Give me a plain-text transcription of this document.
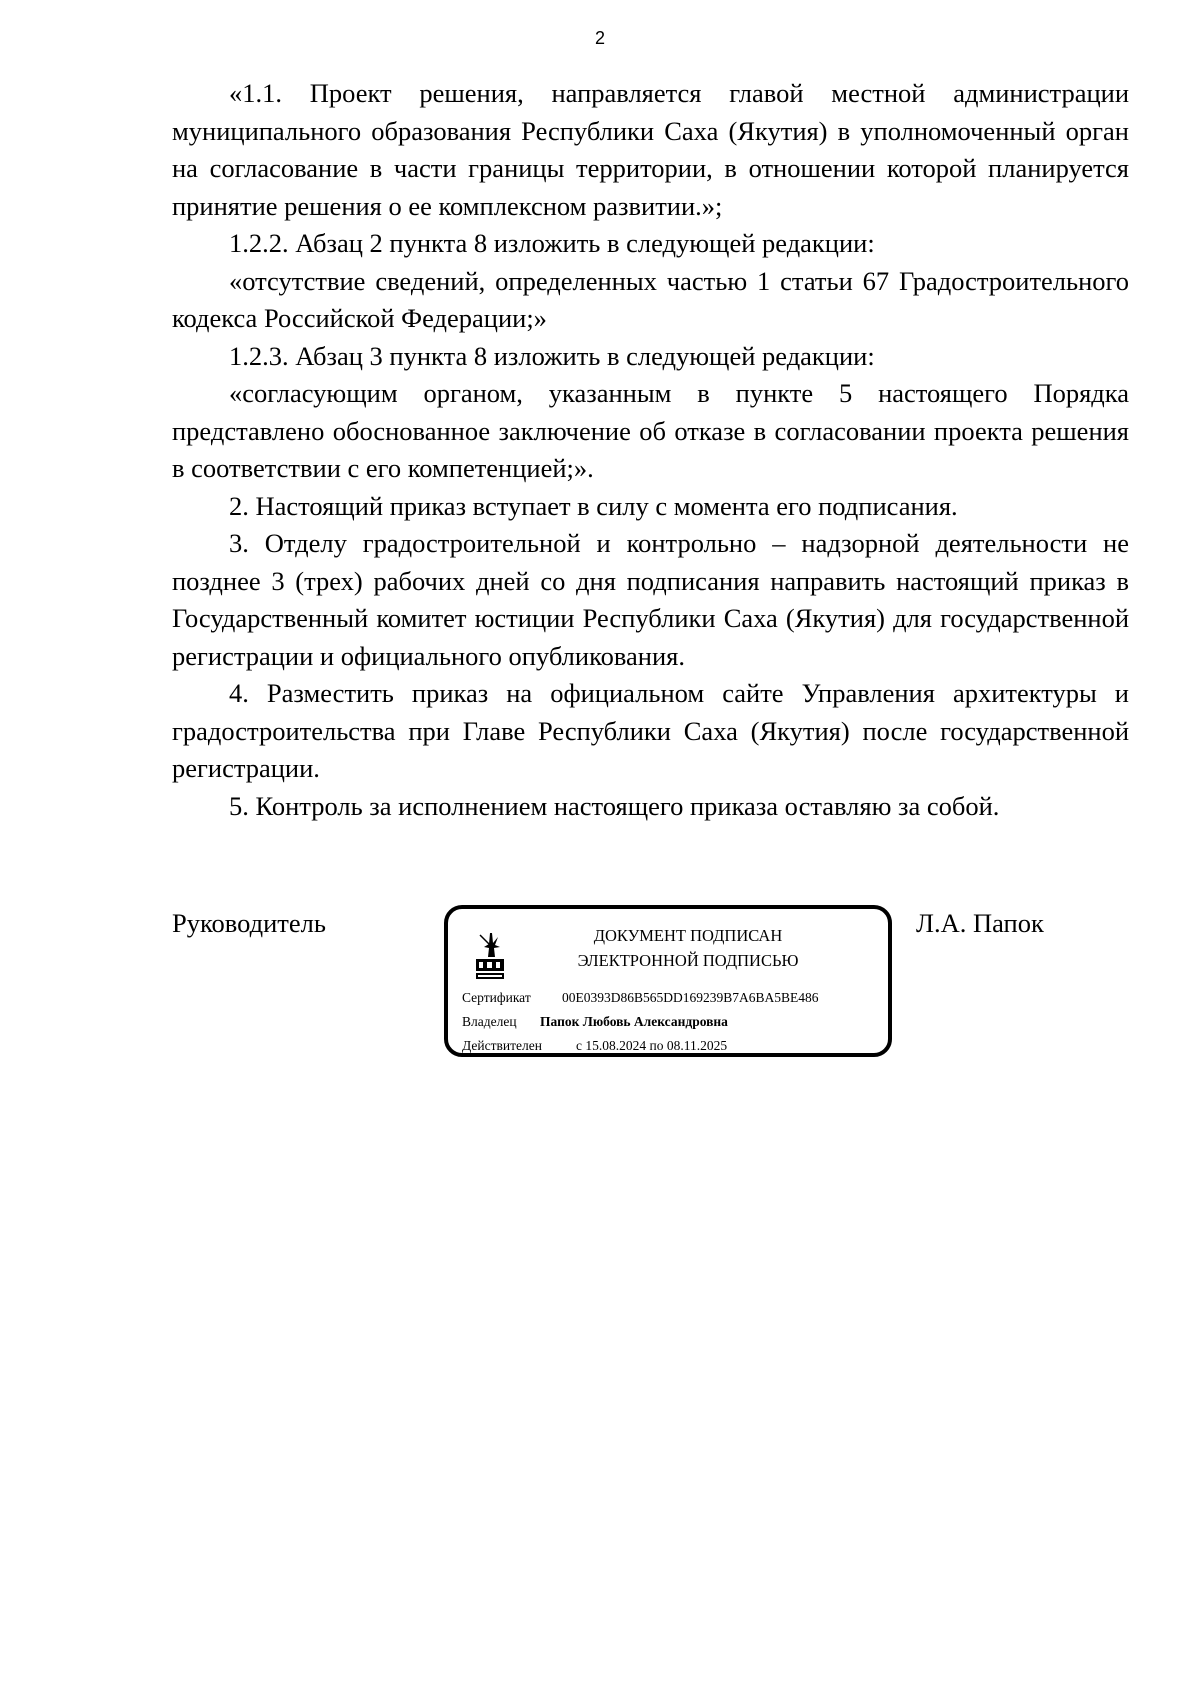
2

«1.1. Проект решения, направляется главой местной администрации муниципального образования Республики Саха (Якутия) в уполномоченный орган на согласование в части границы территории, в отношении которой планируется принятие решения о ее комплексном развитии.»;

1.2.2. Абзац 2 пункта 8 изложить в следующей редакции:

«отсутствие сведений, определенных частью 1 статьи 67 Градостроительного кодекса Российской Федерации;»

1.2.3. Абзац 3 пункта 8 изложить в следующей редакции:

«согласующим органом, указанным в пункте 5 настоящего Порядка представлено обоснованное заключение об отказе в согласовании проекта решения в соответствии с его компетенцией;».

2. Настоящий приказ вступает в силу с момента его подписания.

3. Отделу градостроительной и контрольно – надзорной деятельности не позднее 3 (трех) рабочих дней со дня подписания направить настоящий приказ в Государственный комитет юстиции Республики Саха (Якутия) для государственной регистрации и официального опубликования.

4. Разместить приказ на официальном сайте Управления архитектуры и градостроительства при Главе Республики Саха (Якутия) после государственной регистрации.

5. Контроль за исполнением настоящего приказа оставляю за собой.

Руководитель	ДОКУМЕНТ ПОДПИСАН
ЭЛЕКТРОННОЙ ПОДПИСЬЮ
Сертификат 00E0393D86B565DD169239B7A6BA5BE486
Владелец Папок Любовь Александровна
Действителен	с 15.08.2024 по 08.11.2025
Л.А. Папок
